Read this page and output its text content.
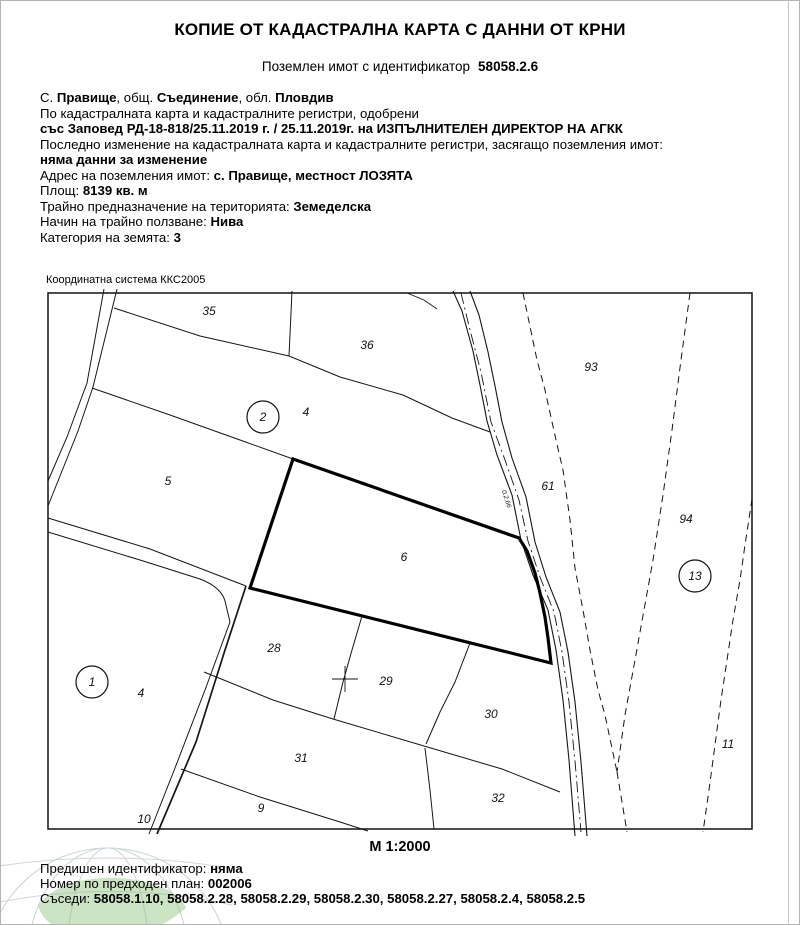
35
36
2	4
5
6
93
61
0.2.66
94
13
11
28
29
30
31
32
9
10
1
4
КОПИЕ ОТ КАДАСТРАЛНА КАРТА С ДАННИ ОТ КРНИ
Поземлен имот с идентификатор 58058.2.6
С. Правище, общ. Съединение, обл. Пловдив
По кадастралната карта и кадастралните регистри, одобрени
със Заповед РД-18-818/25.11.2019 г. / 25.11.2019г. на ИЗПЪЛНИТЕЛЕН ДИРЕКТОР НА АГКК
Последно изменение на кадастралната карта и кадастралните регистри, засягащо поземления имот:
няма данни за изменение
Адрес на поземления имот: с. Правище, местност ЛОЗЯТА
Площ: 8139 кв. м
Трайно предназначение на територията: Земеделска
Начин на трайно ползване: Нива
Категория на земята: 3
Координатна система ККС2005
М 1:2000
Предишен идентификатор: няма
Номер по предходен план: 002006
Съседи: 58058.1.10, 58058.2.28, 58058.2.29, 58058.2.30, 58058.2.27, 58058.2.4, 58058.2.5
